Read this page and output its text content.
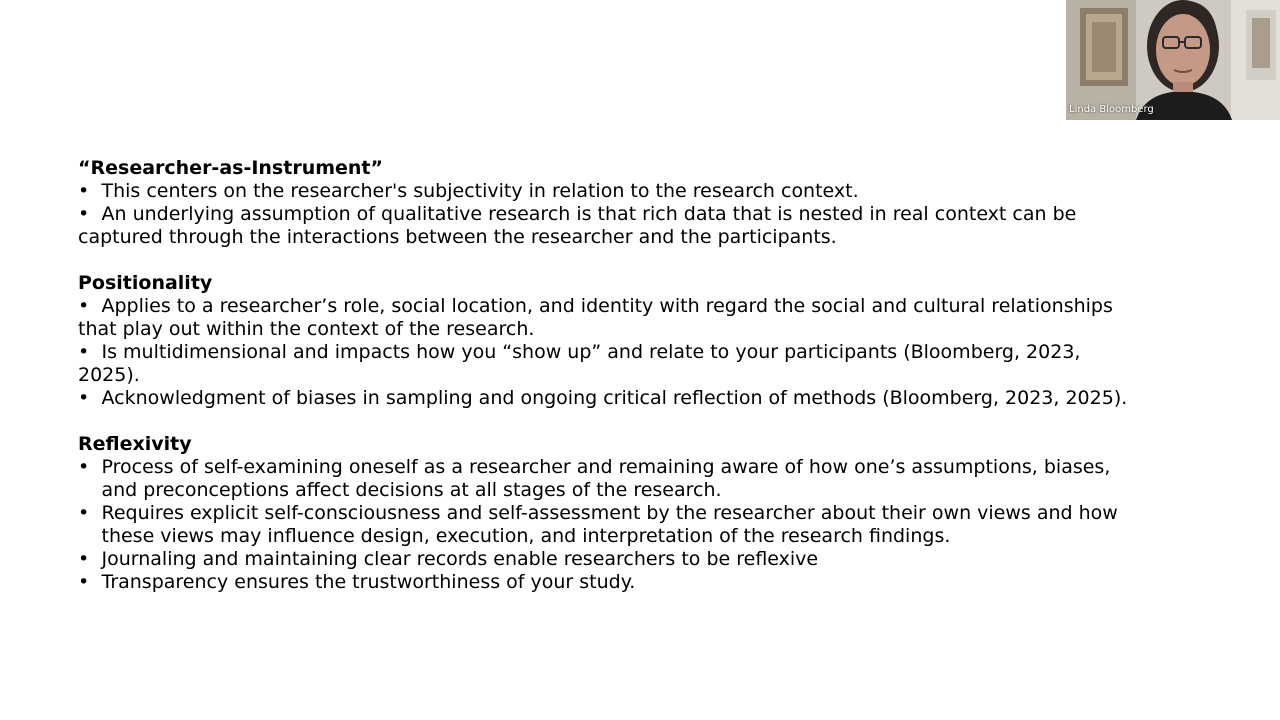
“Researcher-as-Instrument”
• This centers on the researcher's subjectivity in relation to the research context.
• An underlying assumption of qualitative research is that rich data that is nested in real context can be captured through the interactions between the researcher and the participants.
Positionality
• Applies to a researcher’s role, social location, and identity with regard the social and cultural relationships that play out within the context of the research.
• Is multidimensional and impacts how you “show up” and relate to your participants (Bloomberg, 2023, 2025).
• Acknowledgment of biases in sampling and ongoing critical reflection of methods (Bloomberg, 2023, 2025).
Reflexivity
• Process of self-examining oneself as a researcher and remaining aware of how one’s assumptions, biases, and preconceptions affect decisions at all stages of the research.
• Requires explicit self-consciousness and self-assessment by the researcher about their own views and how these views may influence design, execution, and interpretation of the research findings.
• Journaling and maintaining clear records enable researchers to be reflexive
• Transparency ensures the trustworthiness of your study.
Linda Bloomberg
